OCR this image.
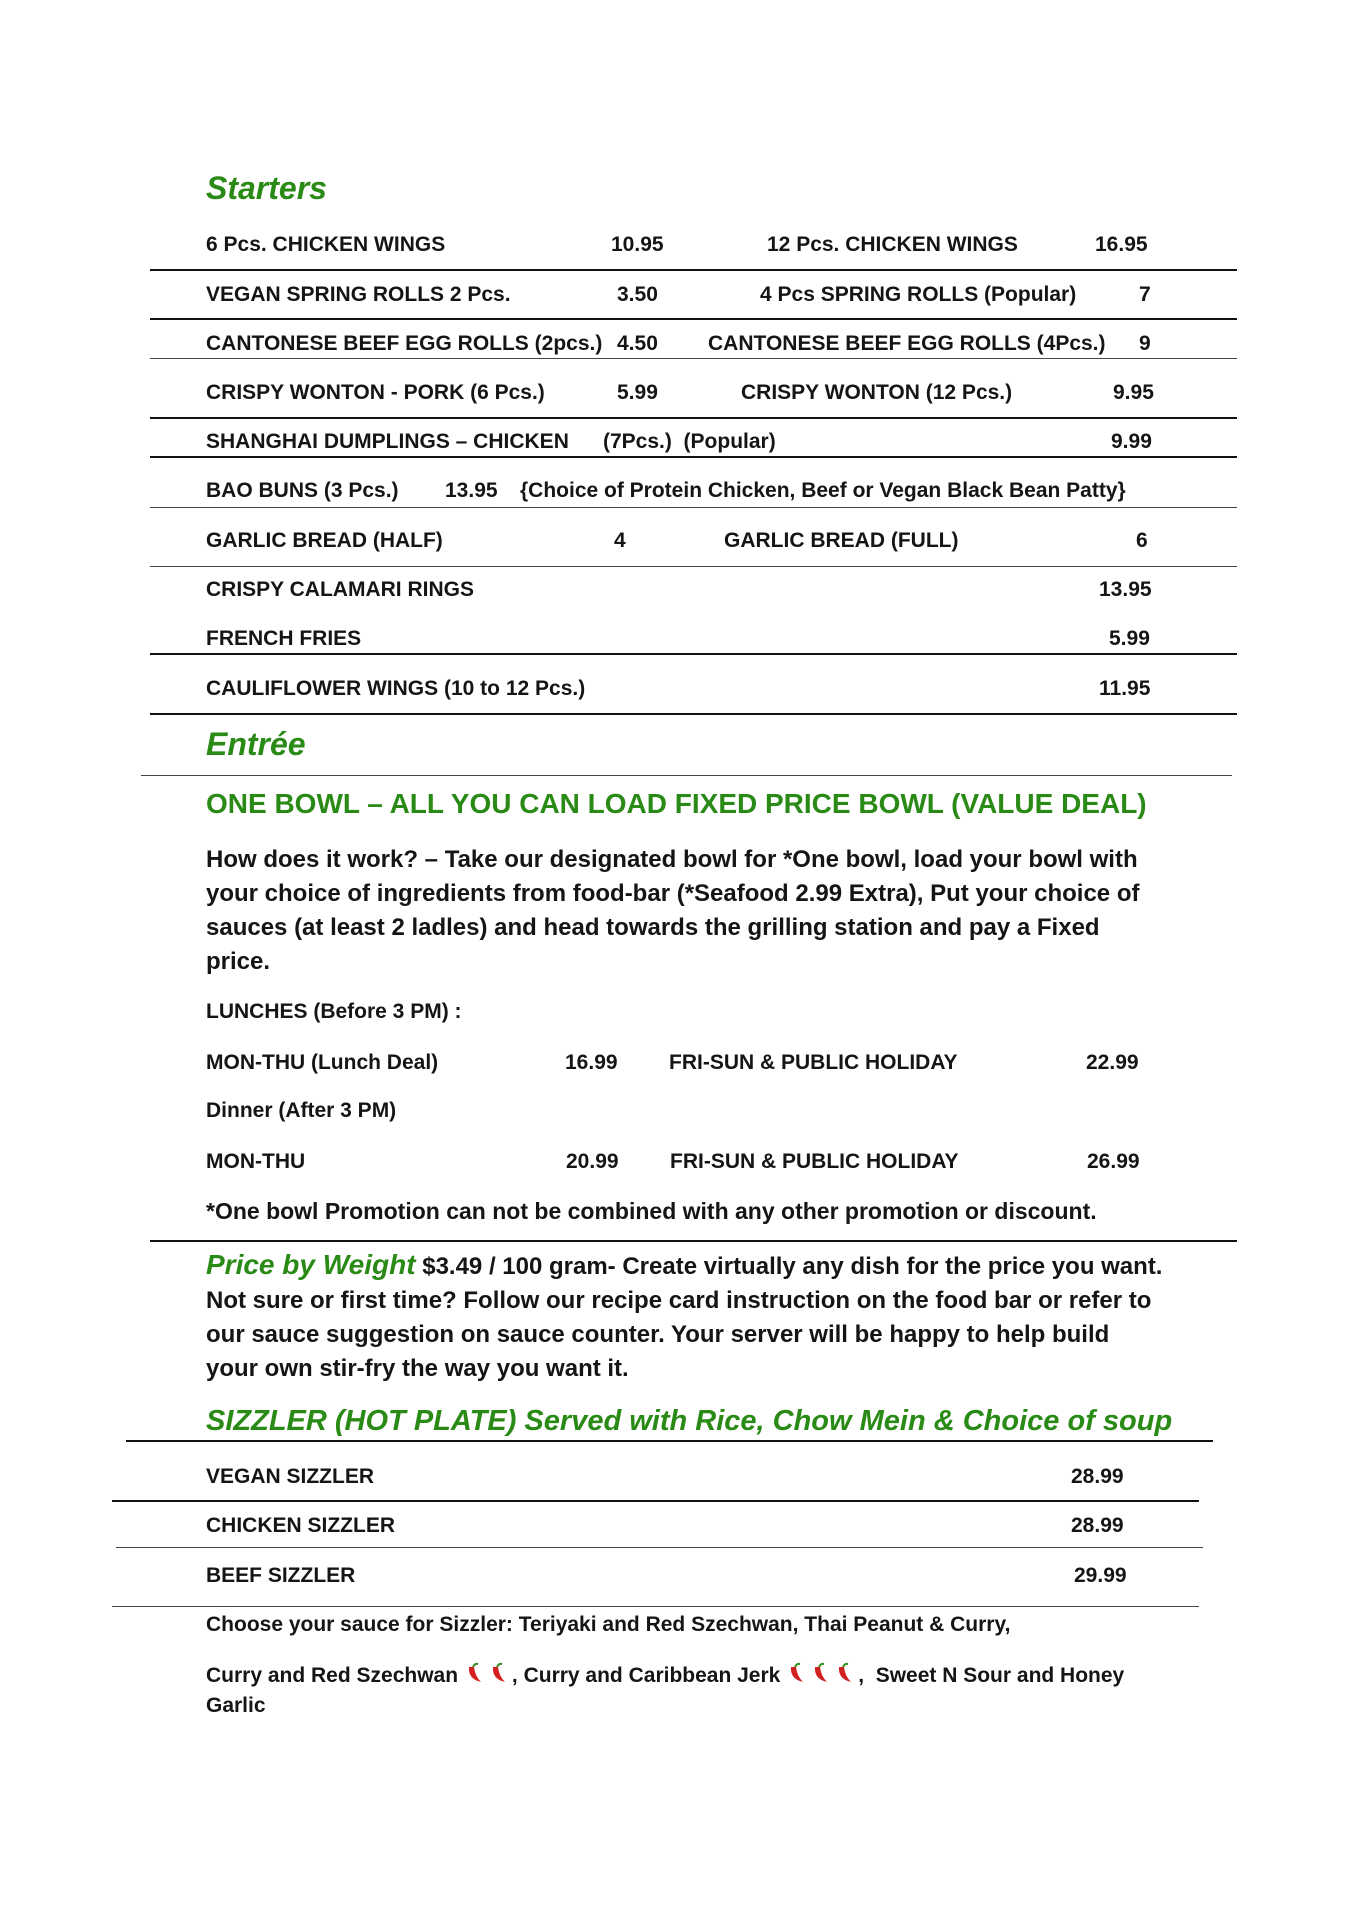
Starters
6 Pcs. CHICKEN WINGS	10.95	12 Pcs. CHICKEN WINGS	16.95
VEGAN SPRING ROLLS 2 Pcs.	3.50	4 Pcs SPRING ROLLS (Popular)	7
CANTONESE BEEF EGG ROLLS (2pcs.) 4.50 CANTONESE BEEF EGG ROLLS (4Pcs.) 9
CRISPY WONTON - PORK (6 Pcs.)	5.99	CRISPY WONTON (12 Pcs.)	9.95
SHANGHAI DUMPLINGS – CHICKEN (7Pcs.)  (Popular)	9.99
BAO BUNS (3 Pcs.) 13.95 {Choice of Protein Chicken, Beef or Vegan Black Bean Patty}
GARLIC BREAD (HALF)	4	GARLIC BREAD (FULL)	6
CRISPY CALAMARI RINGS	13.95
FRENCH FRIES	5.99
CAULIFLOWER WINGS (10 to 12 Pcs.)	11.95
Entrée
ONE BOWL – ALL YOU CAN LOAD FIXED PRICE BOWL (VALUE DEAL)

How does it work? – Take our designated bowl for *One bowl, load your bowl with your choice of ingredients from food-bar (*Seafood 2.99 Extra), Put your choice of sauces (at least 2 ladles) and head towards the grilling station and pay a Fixed price.

LUNCHES (Before 3 PM) :

MON-THU (Lunch Deal)	16.99 FRI-SUN & PUBLIC HOLIDAY	22.99

Dinner (After 3 PM)

MON-THU	20.99 FRI-SUN & PUBLIC HOLIDAY	26.99

*One bowl Promotion can not be combined with any other promotion or discount.

Price by Weight $3.49 / 100 gram- Create virtually any dish for the price you want. Not sure or first time? Follow our recipe card instruction on the food bar or refer to our sauce suggestion on sauce counter. Your server will be happy to help build your own stir-fry the way you want it.

SIZZLER (HOT PLATE) Served with Rice, Chow Mein & Choice of soup
VEGAN SIZZLER	28.99
CHICKEN SIZZLER	28.99
BEEF SIZZLER	29.99

Choose your sauce for Sizzler: Teriyaki and Red Szechwan, Thai Peanut & Curry,

Curry and Red Szechwan	, Curry and Caribbean Jerk	,  Sweet N Sour and Honey

Garlic
